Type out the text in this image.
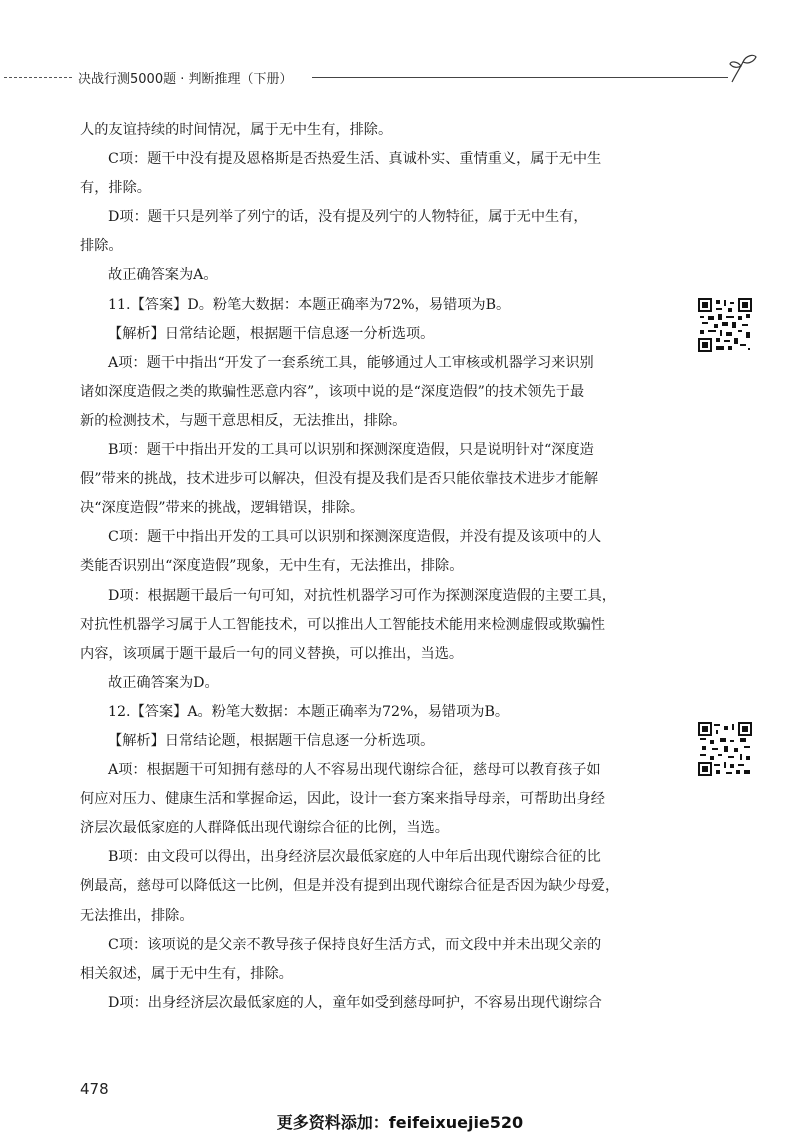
决战行测5000题 · 判断推理（下册）
人的友谊持续的时间情况，属于无中生有，排除。
C项：题干中没有提及恩格斯是否热爱生活、真诚朴实、重情重义，属于无中生
有，排除。
D项：题干只是列举了列宁的话，没有提及列宁的人物特征，属于无中生有，
排除。
故正确答案为A。
11.【答案】D。粉笔大数据：本题正确率为72%，易错项为B。
【解析】日常结论题，根据题干信息逐一分析选项。
A项：题干中指出“开发了一套系统工具，能够通过人工审核或机器学习来识别
诸如深度造假之类的欺骗性恶意内容”，该项中说的是“深度造假”的技术领先于最
新的检测技术，与题干意思相反，无法推出，排除。
B项：题干中指出开发的工具可以识别和探测深度造假，只是说明针对“深度造
假”带来的挑战，技术进步可以解决，但没有提及我们是否只能依靠技术进步才能解
决“深度造假”带来的挑战，逻辑错误，排除。
C项：题干中指出开发的工具可以识别和探测深度造假，并没有提及该项中的人
类能否识别出“深度造假”现象，无中生有，无法推出，排除。
D项：根据题干最后一句可知，对抗性机器学习可作为探测深度造假的主要工具，
对抗性机器学习属于人工智能技术，可以推出人工智能技术能用来检测虚假或欺骗性
内容，该项属于题干最后一句的同义替换，可以推出，当选。
故正确答案为D。
12.【答案】A。粉笔大数据：本题正确率为72%，易错项为B。
【解析】日常结论题，根据题干信息逐一分析选项。
A项：根据题干可知拥有慈母的人不容易出现代谢综合征，慈母可以教育孩子如
何应对压力、健康生活和掌握命运，因此，设计一套方案来指导母亲，可帮助出身经
济层次最低家庭的人群降低出现代谢综合征的比例，当选。
B项：由文段可以得出，出身经济层次最低家庭的人中年后出现代谢综合征的比
例最高，慈母可以降低这一比例，但是并没有提到出现代谢综合征是否因为缺少母爱，
无法推出，排除。
C项：该项说的是父亲不教导孩子保持良好生活方式，而文段中并未出现父亲的
相关叙述，属于无中生有，排除。
D项：出身经济层次最低家庭的人，童年如受到慈母呵护，不容易出现代谢综合
478
更多资料添加：feifeixuejie520
